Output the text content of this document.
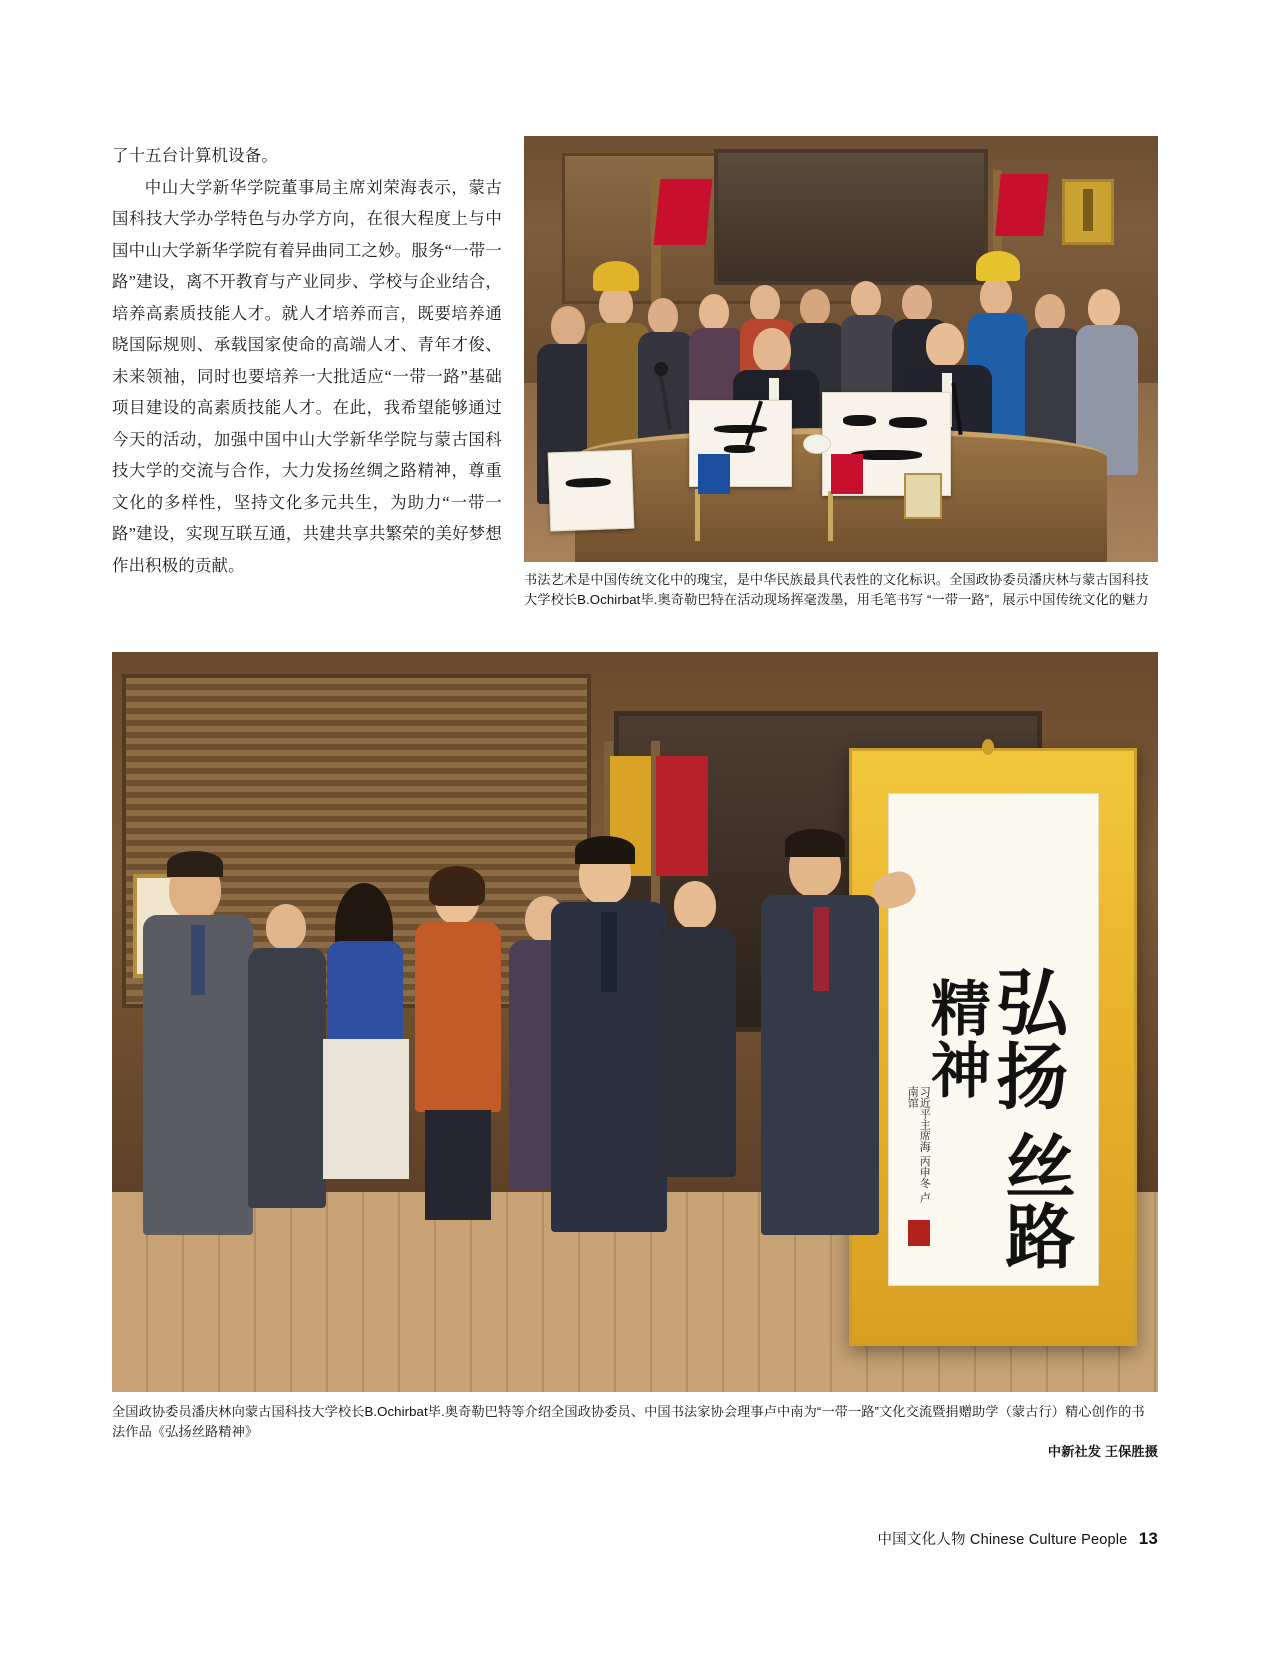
了十五台计算机设备。

中山大学新华学院董事局主席刘荣海表示，蒙古国科技大学办学特色与办学方向，在很大程度上与中国中山大学新华学院有着异曲同工之妙。服务“一带一路”建设，离不开教育与产业同步、学校与企业结合，培养高素质技能人才。就人才培养而言，既要培养通晓国际规则、承载国家使命的高端人才、青年才俊、未来领袖，同时也要培养一大批适应“一带一路”基础项目建设的高素质技能人才。在此，我希望能够通过今天的活动，加强中国中山大学新华学院与蒙古国科技大学的交流与合作，大力发扬丝绸之路精神，尊重文化的多样性，坚持文化多元共生，为助力“一带一路”建设，实现互联互通，共建共享共繁荣的美好梦想作出积极的贡献。

书法艺术是中国传统文化中的瑰宝，是中华民族最具代表性的文化标识。全国政协委员潘庆林与蒙古国科技大学校长B.Ochirbat毕.奥奇勒巴特在活动现场挥毫泼墨，用毛笔书写 “一带一路”，展示中国传统文化的魅力
精神
弘扬
丝路
习近平主席海 丙申冬 卢南馆
全国政协委员潘庆林向蒙古国科技大学校长B.Ochirbat毕.奥奇勒巴特等介绍全国政协委员、中国书法家协会理事卢中南为“一带一路”文化交流暨捐赠助学（蒙古行）精心创作的书法作品《弘扬丝路精神》
中新社发 王保胜摄
中国文化人物 Chinese Culture People 13
